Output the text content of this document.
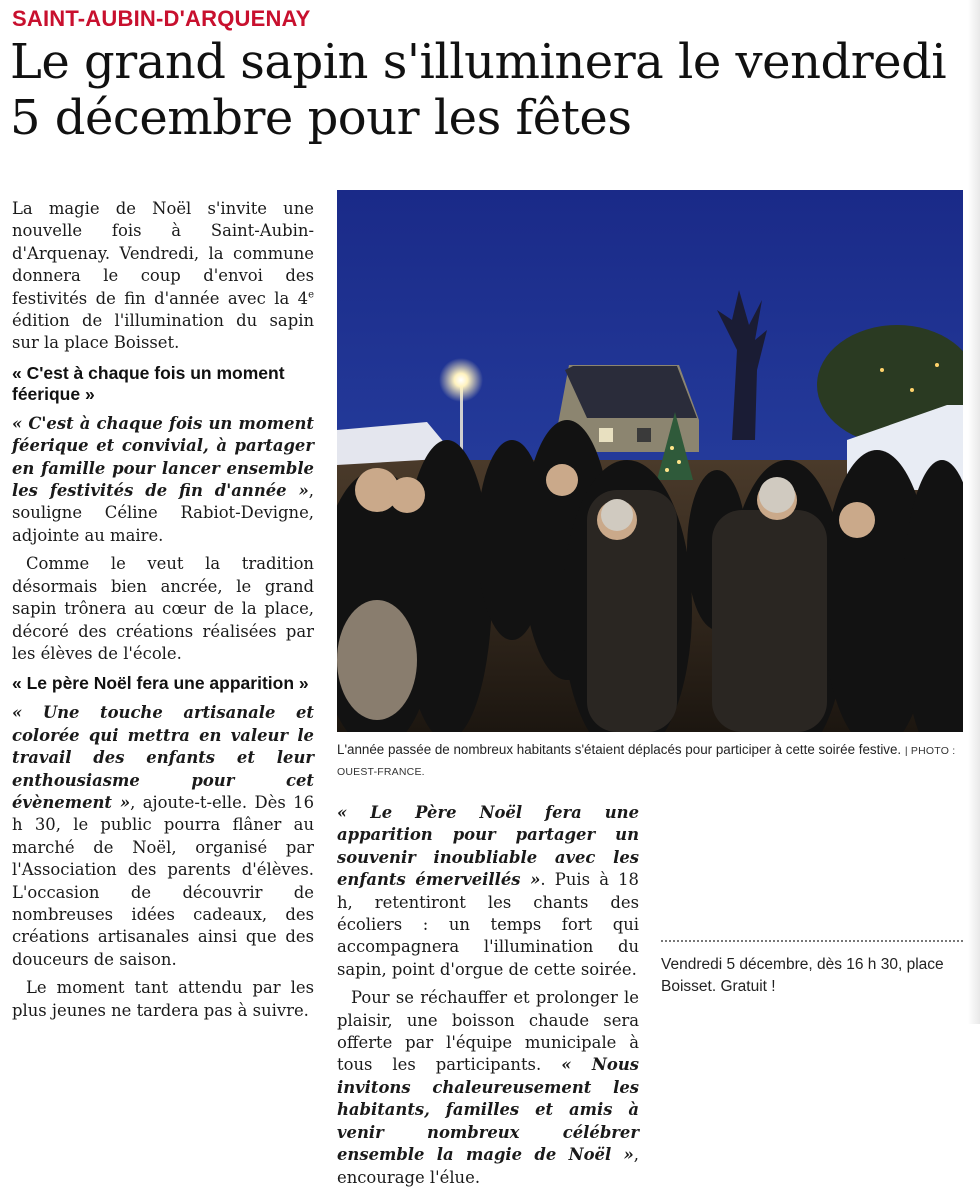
SAINT-AUBIN-D'ARQUENAY
Le grand sapin s'illuminera le vendredi 5 décembre pour les fêtes

La magie de Noël s'invite une nouvelle fois à Saint-Aubin-d'Arquenay. Vendredi, la commune donnera le coup d'envoi des festivités de fin d'année avec la 4e édition de l'illumination du sapin sur la place Boisset.

« C'est à chaque fois un moment féerique »

« C'est à chaque fois un moment féerique et convivial, à partager en famille pour lancer ensemble les festivités de fin d'année », souligne Céline Rabiot-Devigne, adjointe au maire.

Comme le veut la tradition désormais bien ancrée, le grand sapin trônera au cœur de la place, décoré des créations réalisées par les élèves de l'école.

« Le père Noël fera une apparition »

« Une touche artisanale et colorée qui mettra en valeur le travail des enfants et leur enthousiasme pour cet évènement », ajoute-t-elle. Dès 16 h 30, le public pourra flâner au marché de Noël, organisé par l'Association des parents d'élèves. L'occasion de découvrir de nombreuses idées cadeaux, des créations artisanales ainsi que des douceurs de saison.

Le moment tant attendu par les plus jeunes ne tardera pas à suivre.

L'année passée de nombreux habitants s'étaient déplacés pour participer à cette soirée festive. | PHOTO : OUEST-FRANCE.

« Le Père Noël fera une apparition pour partager un souvenir inoubliable avec les enfants émerveillés ». Puis à 18 h, retentiront les chants des écoliers : un temps fort qui accompagnera l'illumination du sapin, point d'orgue de cette soirée.

Pour se réchauffer et prolonger le plaisir, une boisson chaude sera offerte par l'équipe municipale à tous les participants. « Nous invitons chaleureusement les habitants, familles et amis à venir nombreux célébrer ensemble la magie de Noël », encourage l'élue.

Vendredi 5 décembre, dès 16 h 30, place Boisset. Gratuit !
